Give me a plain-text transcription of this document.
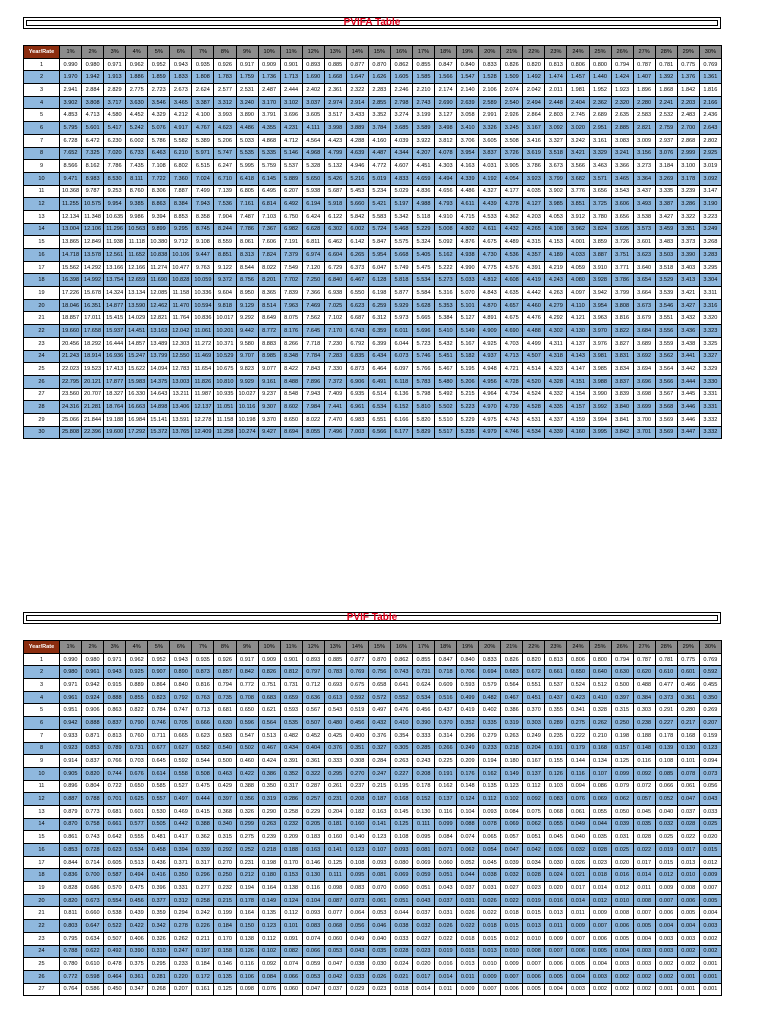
PVIFA Table
Year/Rate	1%	2%	3%	4%	5%	6%	7%	8%	9%	10%	11%	12%	13%	14%	15%	16%	17%	18%	19%	20%	21%	22%	23%	24%	25%	26%	27%	28%	29%	30%
1	0.990	0.980	0.971	0.962	0.952	0.943	0.935	0.926	0.917	0.909	0.901	0.893	0.885	0.877	0.870	0.862	0.855	0.847	0.840	0.833	0.826	0.820	0.813	0.806	0.800	0.794	0.787	0.781	0.775	0.769
2	1.970	1.942	1.913	1.886	1.859	1.833	1.808	1.783	1.759	1.736	1.713	1.690	1.668	1.647	1.626	1.605	1.585	1.566	1.547	1.528	1.509	1.492	1.474	1.457	1.440	1.424	1.407	1.392	1.376	1.361
3	2.941	2.884	2.829	2.775	2.723	2.673	2.624	2.577	2.531	2.487	2.444	2.402	2.361	2.322	2.283	2.246	2.210	2.174	2.140	2.106	2.074	2.042	2.011	1.981	1.952	1.923	1.896	1.868	1.842	1.816
4	3.902	3.808	3.717	3.630	3.546	3.465	3.387	3.312	3.240	3.170	3.102	3.037	2.974	2.914	2.855	2.798	2.743	2.690	2.639	2.589	2.540	2.494	2.448	2.404	2.362	2.320	2.280	2.241	2.203	2.166
5	4.853	4.713	4.580	4.452	4.329	4.212	4.100	3.993	3.890	3.791	3.696	3.605	3.517	3.433	3.352	3.274	3.199	3.127	3.058	2.991	2.926	2.864	2.803	2.745	2.689	2.635	2.583	2.532	2.483	2.436
6	5.795	5.601	5.417	5.242	5.076	4.917	4.767	4.623	4.486	4.355	4.231	4.111	3.998	3.889	3.784	3.685	3.589	3.498	3.410	3.326	3.245	3.167	3.092	3.020	2.951	2.885	2.821	2.759	2.700	2.643
7	6.728	6.472	6.230	6.002	5.786	5.582	5.389	5.206	5.033	4.868	4.712	4.564	4.423	4.288	4.160	4.039	3.922	3.812	3.706	3.605	3.508	3.416	3.327	3.242	3.161	3.083	3.009	2.937	2.868	2.802
8	7.652	7.325	7.020	6.733	6.463	6.210	5.971	5.747	5.535	5.335	5.146	4.968	4.799	4.639	4.487	4.344	4.207	4.078	3.954	3.837	3.726	3.619	3.518	3.421	3.329	3.241	3.156	3.076	2.999	2.925
9	8.566	8.162	7.786	7.435	7.108	6.802	6.515	6.247	5.995	5.759	5.537	5.328	5.132	4.946	4.772	4.607	4.451	4.303	4.163	4.031	3.905	3.786	3.673	3.566	3.463	3.366	3.273	3.184	3.100	3.019
10	9.471	8.983	8.530	8.111	7.722	7.360	7.024	6.710	6.418	6.145	5.889	5.650	5.426	5.216	5.019	4.833	4.659	4.494	4.339	4.192	4.054	3.923	3.799	3.682	3.571	3.465	3.364	3.269	3.178	3.092
11	10.368	9.787	9.253	8.760	8.306	7.887	7.499	7.139	6.805	6.495	6.207	5.938	5.687	5.453	5.234	5.029	4.836	4.656	4.486	4.327	4.177	4.035	3.902	3.776	3.656	3.543	3.437	3.335	3.239	3.147
12	11.255	10.575	9.954	9.385	8.863	8.384	7.943	7.536	7.161	6.814	6.492	6.194	5.918	5.660	5.421	5.197	4.988	4.793	4.611	4.439	4.278	4.127	3.985	3.851	3.725	3.606	3.493	3.387	3.286	3.190
13	12.134	11.348	10.635	9.986	9.394	8.853	8.358	7.904	7.487	7.103	6.750	6.424	6.122	5.842	5.583	5.342	5.118	4.910	4.715	4.533	4.362	4.203	4.053	3.912	3.780	3.656	3.538	3.427	3.322	3.223
14	13.004	12.106	11.296	10.563	9.899	9.295	8.745	8.244	7.786	7.367	6.982	6.628	6.302	6.002	5.724	5.468	5.229	5.008	4.802	4.611	4.432	4.265	4.108	3.962	3.824	3.695	3.573	3.459	3.351	3.249
15	13.865	12.849	11.938	11.118	10.380	9.712	9.108	8.559	8.061	7.606	7.191	6.811	6.462	6.142	5.847	5.575	5.324	5.092	4.876	4.675	4.489	4.315	4.153	4.001	3.859	3.726	3.601	3.483	3.373	3.268
16	14.718	13.578	12.561	11.652	10.838	10.106	9.447	8.851	8.313	7.824	7.379	6.974	6.604	6.265	5.954	5.668	5.405	5.162	4.938	4.730	4.536	4.357	4.189	4.033	3.887	3.751	3.623	3.503	3.390	3.283
17	15.562	14.292	13.166	12.166	11.274	10.477	9.763	9.122	8.544	8.022	7.549	7.120	6.729	6.373	6.047	5.749	5.475	5.222	4.990	4.775	4.576	4.391	4.219	4.059	3.910	3.771	3.640	3.518	3.403	3.295
18	16.398	14.992	13.754	12.659	11.690	10.828	10.059	9.372	8.756	8.201	7.702	7.250	6.840	6.467	6.128	5.818	5.534	5.273	5.033	4.812	4.608	4.419	4.243	4.080	3.928	3.786	3.654	3.529	3.413	3.304
19	17.226	15.678	14.324	13.134	12.085	11.158	10.336	9.604	8.950	8.365	7.839	7.366	6.938	6.550	6.198	5.877	5.584	5.316	5.070	4.843	4.635	4.442	4.263	4.097	3.942	3.799	3.664	3.539	3.421	3.311
20	18.046	16.351	14.877	13.590	12.462	11.470	10.594	9.818	9.129	8.514	7.963	7.469	7.025	6.623	6.259	5.929	5.628	5.353	5.101	4.870	4.657	4.460	4.279	4.110	3.954	3.808	3.673	3.546	3.427	3.316
21	18.857	17.011	15.415	14.029	12.821	11.764	10.836	10.017	9.292	8.649	8.075	7.562	7.102	6.687	6.312	5.973	5.665	5.384	5.127	4.891	4.675	4.476	4.292	4.121	3.963	3.816	3.679	3.551	3.432	3.320
22	19.660	17.658	15.937	14.451	13.163	12.042	11.061	10.201	9.442	8.772	8.176	7.645	7.170	6.743	6.359	6.011	5.696	5.410	5.149	4.909	4.690	4.488	4.302	4.130	3.970	3.822	3.684	3.556	3.436	3.323
23	20.456	18.292	16.444	14.857	13.489	12.303	11.272	10.371	9.580	8.883	8.266	7.718	7.230	6.792	6.399	6.044	5.723	5.432	5.167	4.925	4.703	4.499	4.311	4.137	3.976	3.827	3.689	3.559	3.438	3.325
24	21.243	18.914	16.936	15.247	13.799	12.550	11.469	10.529	9.707	8.985	8.348	7.784	7.283	6.835	6.434	6.073	5.746	5.451	5.182	4.937	4.713	4.507	4.318	4.143	3.981	3.831	3.692	3.562	3.441	3.327
25	22.023	19.523	17.413	15.622	14.094	12.783	11.654	10.675	9.823	9.077	8.422	7.843	7.330	6.873	6.464	6.097	5.766	5.467	5.195	4.948	4.721	4.514	4.323	4.147	3.985	3.834	3.694	3.564	3.442	3.329
26	22.795	20.121	17.877	15.983	14.375	13.003	11.826	10.810	9.929	9.161	8.488	7.896	7.372	6.906	6.491	6.118	5.783	5.480	5.206	4.956	4.728	4.520	4.328	4.151	3.988	3.837	3.696	3.566	3.444	3.330
27	23.560	20.707	18.327	16.330	14.643	13.211	11.987	10.935	10.027	9.237	8.548	7.943	7.409	6.935	6.514	6.136	5.798	5.492	5.215	4.964	4.734	4.524	4.332	4.154	3.990	3.839	3.698	3.567	3.445	3.331
28	24.316	21.281	18.764	16.663	14.898	13.406	12.137	11.051	10.116	9.307	8.602	7.984	7.441	6.961	6.534	6.152	5.810	5.502	5.223	4.970	4.739	4.528	4.335	4.157	3.992	3.840	3.699	3.568	3.446	3.331
29	25.066	21.844	19.188	16.984	15.141	13.591	12.278	11.158	10.198	9.370	8.650	8.022	7.470	6.983	6.551	6.166	5.820	5.510	5.229	4.975	4.743	4.531	4.337	4.159	3.994	3.841	3.700	3.569	3.446	3.332
30	25.808	22.396	19.600	17.292	15.372	13.765	12.409	11.258	10.274	9.427	8.694	8.055	7.496	7.003	6.566	6.177	5.829	5.517	5.235	4.979	4.746	4.534	4.339	4.160	3.995	3.842	3.701	3.569	3.447	3.332
PVIF Table
Year/Rate	1%	2%	3%	4%	5%	6%	7%	8%	9%	10%	11%	12%	13%	14%	15%	16%	17%	18%	19%	20%	21%	22%	23%	24%	25%	26%	27%	28%	29%	30%
1	0.990	0.980	0.971	0.962	0.952	0.943	0.935	0.926	0.917	0.909	0.901	0.893	0.885	0.877	0.870	0.862	0.855	0.847	0.840	0.833	0.826	0.820	0.813	0.806	0.800	0.794	0.787	0.781	0.775	0.769
2	0.980	0.961	0.943	0.925	0.907	0.890	0.873	0.857	0.842	0.826	0.812	0.797	0.783	0.769	0.756	0.743	0.731	0.718	0.706	0.694	0.683	0.672	0.661	0.650	0.640	0.630	0.620	0.610	0.601	0.592
3	0.971	0.942	0.915	0.889	0.864	0.840	0.816	0.794	0.772	0.751	0.731	0.712	0.693	0.675	0.658	0.641	0.624	0.609	0.593	0.579	0.564	0.551	0.537	0.524	0.512	0.500	0.488	0.477	0.466	0.455
4	0.961	0.924	0.888	0.855	0.823	0.792	0.763	0.735	0.708	0.683	0.659	0.636	0.613	0.592	0.572	0.552	0.534	0.516	0.499	0.482	0.467	0.451	0.437	0.423	0.410	0.397	0.384	0.373	0.361	0.350
5	0.951	0.906	0.863	0.822	0.784	0.747	0.713	0.681	0.650	0.621	0.593	0.567	0.543	0.519	0.497	0.476	0.456	0.437	0.419	0.402	0.386	0.370	0.355	0.341	0.328	0.315	0.303	0.291	0.280	0.269
6	0.942	0.888	0.837	0.790	0.746	0.705	0.666	0.630	0.596	0.564	0.535	0.507	0.480	0.456	0.432	0.410	0.390	0.370	0.352	0.335	0.319	0.303	0.289	0.275	0.262	0.250	0.238	0.227	0.217	0.207
7	0.933	0.871	0.813	0.760	0.711	0.665	0.623	0.583	0.547	0.513	0.482	0.452	0.425	0.400	0.376	0.354	0.333	0.314	0.296	0.279	0.263	0.249	0.235	0.222	0.210	0.198	0.188	0.178	0.168	0.159
8	0.923	0.853	0.789	0.731	0.677	0.627	0.582	0.540	0.502	0.467	0.434	0.404	0.376	0.351	0.327	0.305	0.285	0.266	0.249	0.233	0.218	0.204	0.191	0.179	0.168	0.157	0.148	0.139	0.130	0.123
9	0.914	0.837	0.766	0.703	0.645	0.592	0.544	0.500	0.460	0.424	0.391	0.361	0.333	0.308	0.284	0.263	0.243	0.225	0.209	0.194	0.180	0.167	0.155	0.144	0.134	0.125	0.116	0.108	0.101	0.094
10	0.905	0.820	0.744	0.676	0.614	0.558	0.508	0.463	0.422	0.386	0.352	0.322	0.295	0.270	0.247	0.227	0.208	0.191	0.176	0.162	0.149	0.137	0.126	0.116	0.107	0.099	0.092	0.085	0.078	0.073
11	0.896	0.804	0.722	0.650	0.585	0.527	0.475	0.429	0.388	0.350	0.317	0.287	0.261	0.237	0.215	0.195	0.178	0.162	0.148	0.135	0.123	0.112	0.103	0.094	0.086	0.079	0.072	0.066	0.061	0.056
12	0.887	0.788	0.701	0.625	0.557	0.497	0.444	0.397	0.356	0.319	0.286	0.257	0.231	0.208	0.187	0.168	0.152	0.137	0.124	0.112	0.102	0.092	0.083	0.076	0.069	0.062	0.057	0.052	0.047	0.043
13	0.879	0.773	0.681	0.601	0.530	0.469	0.415	0.368	0.326	0.290	0.258	0.229	0.204	0.182	0.163	0.145	0.130	0.116	0.104	0.093	0.084	0.075	0.068	0.061	0.055	0.050	0.045	0.040	0.037	0.033
14	0.870	0.758	0.661	0.577	0.505	0.442	0.388	0.340	0.299	0.263	0.232	0.205	0.181	0.160	0.141	0.125	0.111	0.099	0.088	0.078	0.069	0.062	0.055	0.049	0.044	0.039	0.035	0.032	0.028	0.025
15	0.861	0.743	0.642	0.555	0.481	0.417	0.362	0.315	0.275	0.239	0.209	0.183	0.160	0.140	0.123	0.108	0.095	0.084	0.074	0.065	0.057	0.051	0.045	0.040	0.035	0.031	0.028	0.025	0.022	0.020
16	0.853	0.728	0.623	0.534	0.458	0.394	0.339	0.292	0.252	0.218	0.188	0.163	0.141	0.123	0.107	0.093	0.081	0.071	0.062	0.054	0.047	0.042	0.036	0.032	0.028	0.025	0.022	0.019	0.017	0.015
17	0.844	0.714	0.605	0.513	0.436	0.371	0.317	0.270	0.231	0.198	0.170	0.146	0.125	0.108	0.093	0.080	0.069	0.060	0.052	0.045	0.039	0.034	0.030	0.026	0.023	0.020	0.017	0.015	0.013	0.012
18	0.836	0.700	0.587	0.494	0.416	0.350	0.296	0.250	0.212	0.180	0.153	0.130	0.111	0.095	0.081	0.069	0.059	0.051	0.044	0.038	0.032	0.028	0.024	0.021	0.018	0.016	0.014	0.012	0.010	0.009
19	0.828	0.686	0.570	0.475	0.396	0.331	0.277	0.232	0.194	0.164	0.138	0.116	0.098	0.083	0.070	0.060	0.051	0.043	0.037	0.031	0.027	0.023	0.020	0.017	0.014	0.012	0.011	0.009	0.008	0.007
20	0.820	0.673	0.554	0.456	0.377	0.312	0.258	0.215	0.178	0.149	0.124	0.104	0.087	0.073	0.061	0.051	0.043	0.037	0.031	0.026	0.022	0.019	0.016	0.014	0.012	0.010	0.008	0.007	0.006	0.005
21	0.811	0.660	0.538	0.439	0.359	0.294	0.242	0.199	0.164	0.135	0.112	0.093	0.077	0.064	0.053	0.044	0.037	0.031	0.026	0.022	0.018	0.015	0.013	0.011	0.009	0.008	0.007	0.006	0.005	0.004
22	0.803	0.647	0.522	0.422	0.342	0.278	0.226	0.184	0.150	0.123	0.101	0.083	0.068	0.056	0.046	0.038	0.032	0.026	0.022	0.018	0.015	0.013	0.011	0.009	0.007	0.006	0.005	0.004	0.004	0.003
23	0.795	0.634	0.507	0.406	0.326	0.262	0.211	0.170	0.138	0.112	0.091	0.074	0.060	0.049	0.040	0.033	0.027	0.022	0.018	0.015	0.012	0.010	0.009	0.007	0.006	0.005	0.004	0.003	0.003	0.002
24	0.788	0.622	0.492	0.390	0.310	0.247	0.197	0.158	0.126	0.102	0.082	0.066	0.053	0.043	0.035	0.028	0.023	0.019	0.015	0.013	0.010	0.008	0.007	0.006	0.005	0.004	0.003	0.003	0.002	0.002
25	0.780	0.610	0.478	0.375	0.295	0.233	0.184	0.146	0.116	0.092	0.074	0.059	0.047	0.038	0.030	0.024	0.020	0.016	0.013	0.010	0.009	0.007	0.006	0.005	0.004	0.003	0.003	0.002	0.002	0.001
26	0.772	0.598	0.464	0.361	0.281	0.220	0.172	0.135	0.106	0.084	0.066	0.053	0.042	0.033	0.026	0.021	0.017	0.014	0.011	0.009	0.007	0.006	0.005	0.004	0.003	0.002	0.002	0.002	0.001	0.001
27	0.764	0.586	0.450	0.347	0.268	0.207	0.161	0.125	0.098	0.076	0.060	0.047	0.037	0.029	0.023	0.018	0.014	0.011	0.009	0.007	0.006	0.005	0.004	0.003	0.002	0.002	0.002	0.001	0.001	0.001
